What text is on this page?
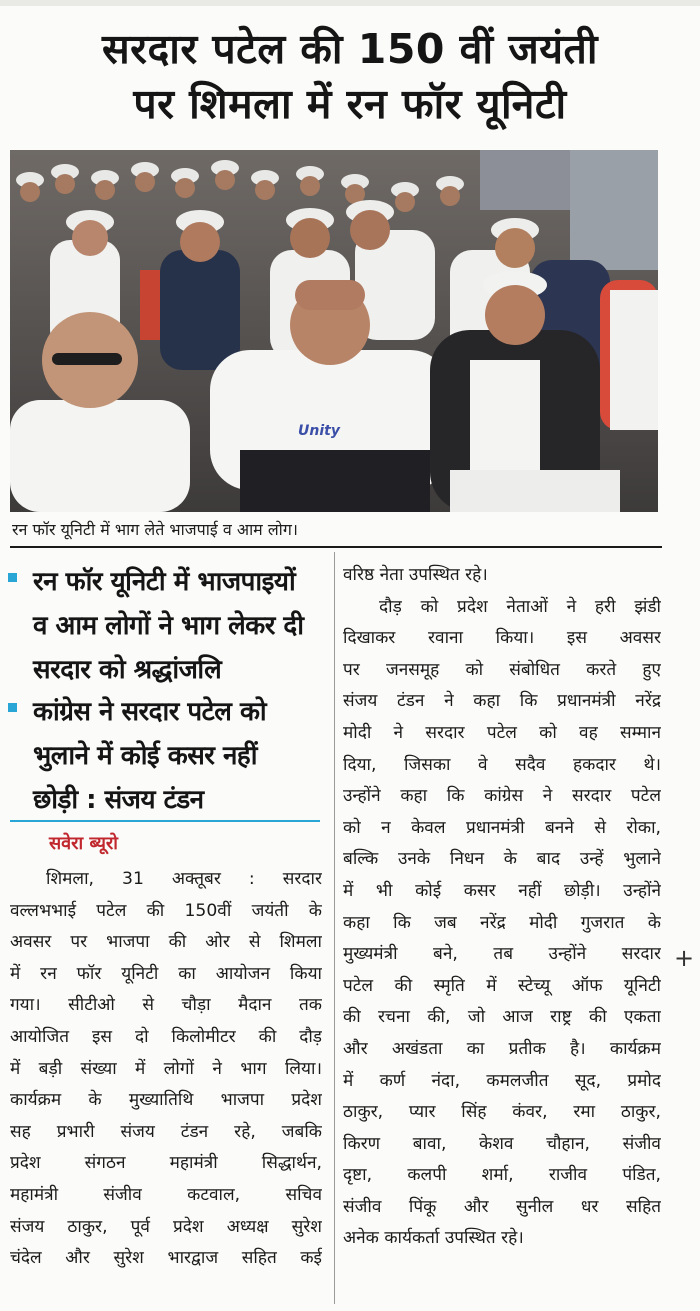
सरदार पटेल की 150 वीं जयंती
पर शिमला में रन फॉर यूनिटी
Unity
रन फॉर यूनिटी में भाग लेते भाजपाई व आम लोग।
रन फॉर यूनिटी में भाजपाइयों
व आम लोगों ने भाग लेकर दी
सरदार को श्रद्धांजलि
कांग्रेस ने सरदार पटेल को
भुलाने में कोई कसर नहीं
छोड़ी : संजय टंडन
सवेरा ब्यूरो
शिमला, 31 अक्तूबर : सरदार
वल्लभभाई पटेल की 150वीं जयंती के
अवसर पर भाजपा की ओर से शिमला
में रन फॉर यूनिटी का आयोजन किया
गया। सीटीओ से चौड़ा मैदान तक
आयोजित इस दो किलोमीटर की दौड़
में बड़ी संख्या में लोगों ने भाग लिया।
कार्यक्रम के मुख्यातिथि भाजपा प्रदेश
सह प्रभारी संजय टंडन रहे, जबकि
प्रदेश संगठन महामंत्री सिद्धार्थन,
महामंत्री संजीव कटवाल, सचिव
संजय ठाकुर, पूर्व प्रदेश अध्यक्ष सुरेश
चंदेल और सुरेश भारद्वाज सहित कई
वरिष्ठ नेता उपस्थित रहे।
दौड़ को प्रदेश नेताओं ने हरी झंडी
दिखाकर रवाना किया। इस अवसर
पर जनसमूह को संबोधित करते हुए
संजय टंडन ने कहा कि प्रधानमंत्री नरेंद्र
मोदी ने सरदार पटेल को वह सम्मान
दिया, जिसका वे सदैव हकदार थे।
उन्होंने कहा कि कांग्रेस ने सरदार पटेल
को न केवल प्रधानमंत्री बनने से रोका,
बल्कि उनके निधन के बाद उन्हें भुलाने
में भी कोई कसर नहीं छोड़ी। उन्होंने
कहा कि जब नरेंद्र मोदी गुजरात के
मुख्यमंत्री बने, तब उन्होंने सरदार
पटेल की स्मृति में स्टेच्यू ऑफ यूनिटी
की रचना की, जो आज राष्ट्र की एकता
और अखंडता का प्रतीक है। कार्यक्रम
में कर्ण नंदा, कमलजीत सूद, प्रमोद
ठाकुर, प्यार सिंह कंवर, रमा ठाकुर,
किरण बावा, केशव चौहान, संजीव
दृष्टा, कलपी शर्मा, राजीव पंडित,
संजीव पिंकू और सुनील धर सहित
अनेक कार्यकर्ता उपस्थित रहे।
+
